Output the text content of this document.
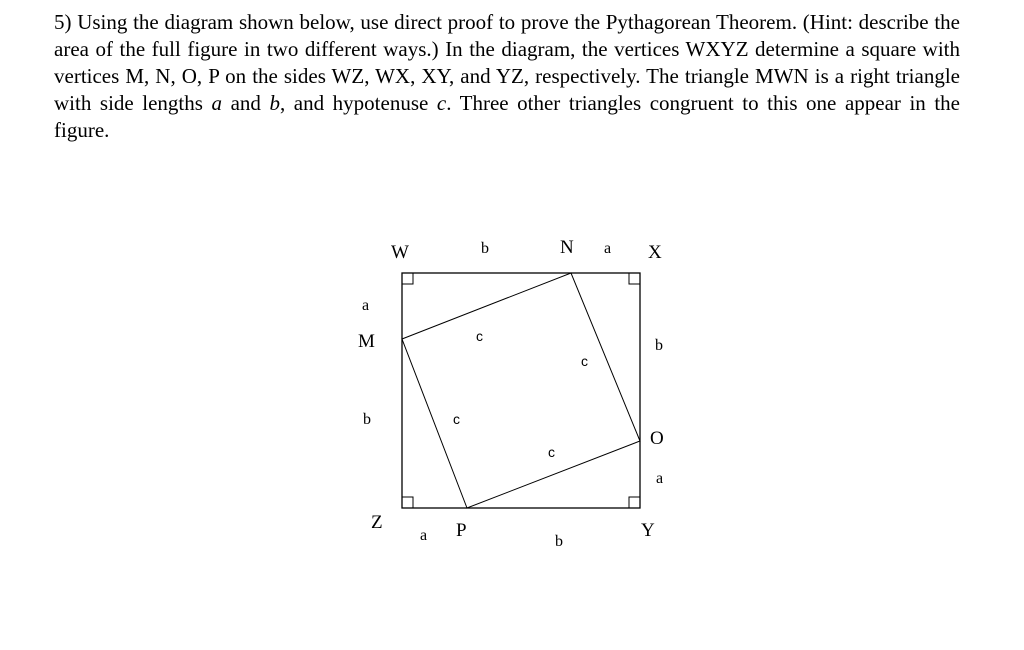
5) Using the diagram shown below, use direct proof to prove the Pythagorean Theorem. (Hint: describe the area of the full figure in two different ways.) In the diagram, the vertices WXYZ determine a square with vertices M, N, O, P on the sides WZ, WX, XY, and YZ, respectively. The triangle MWN is a right triangle with side lengths a and b, and hypotenuse c. Three other triangles congruent to this one appear in the figure.

W	N	X
M
O
Z	P	Y
b	a
a
b
b
a
a	b
c
c
c
c
